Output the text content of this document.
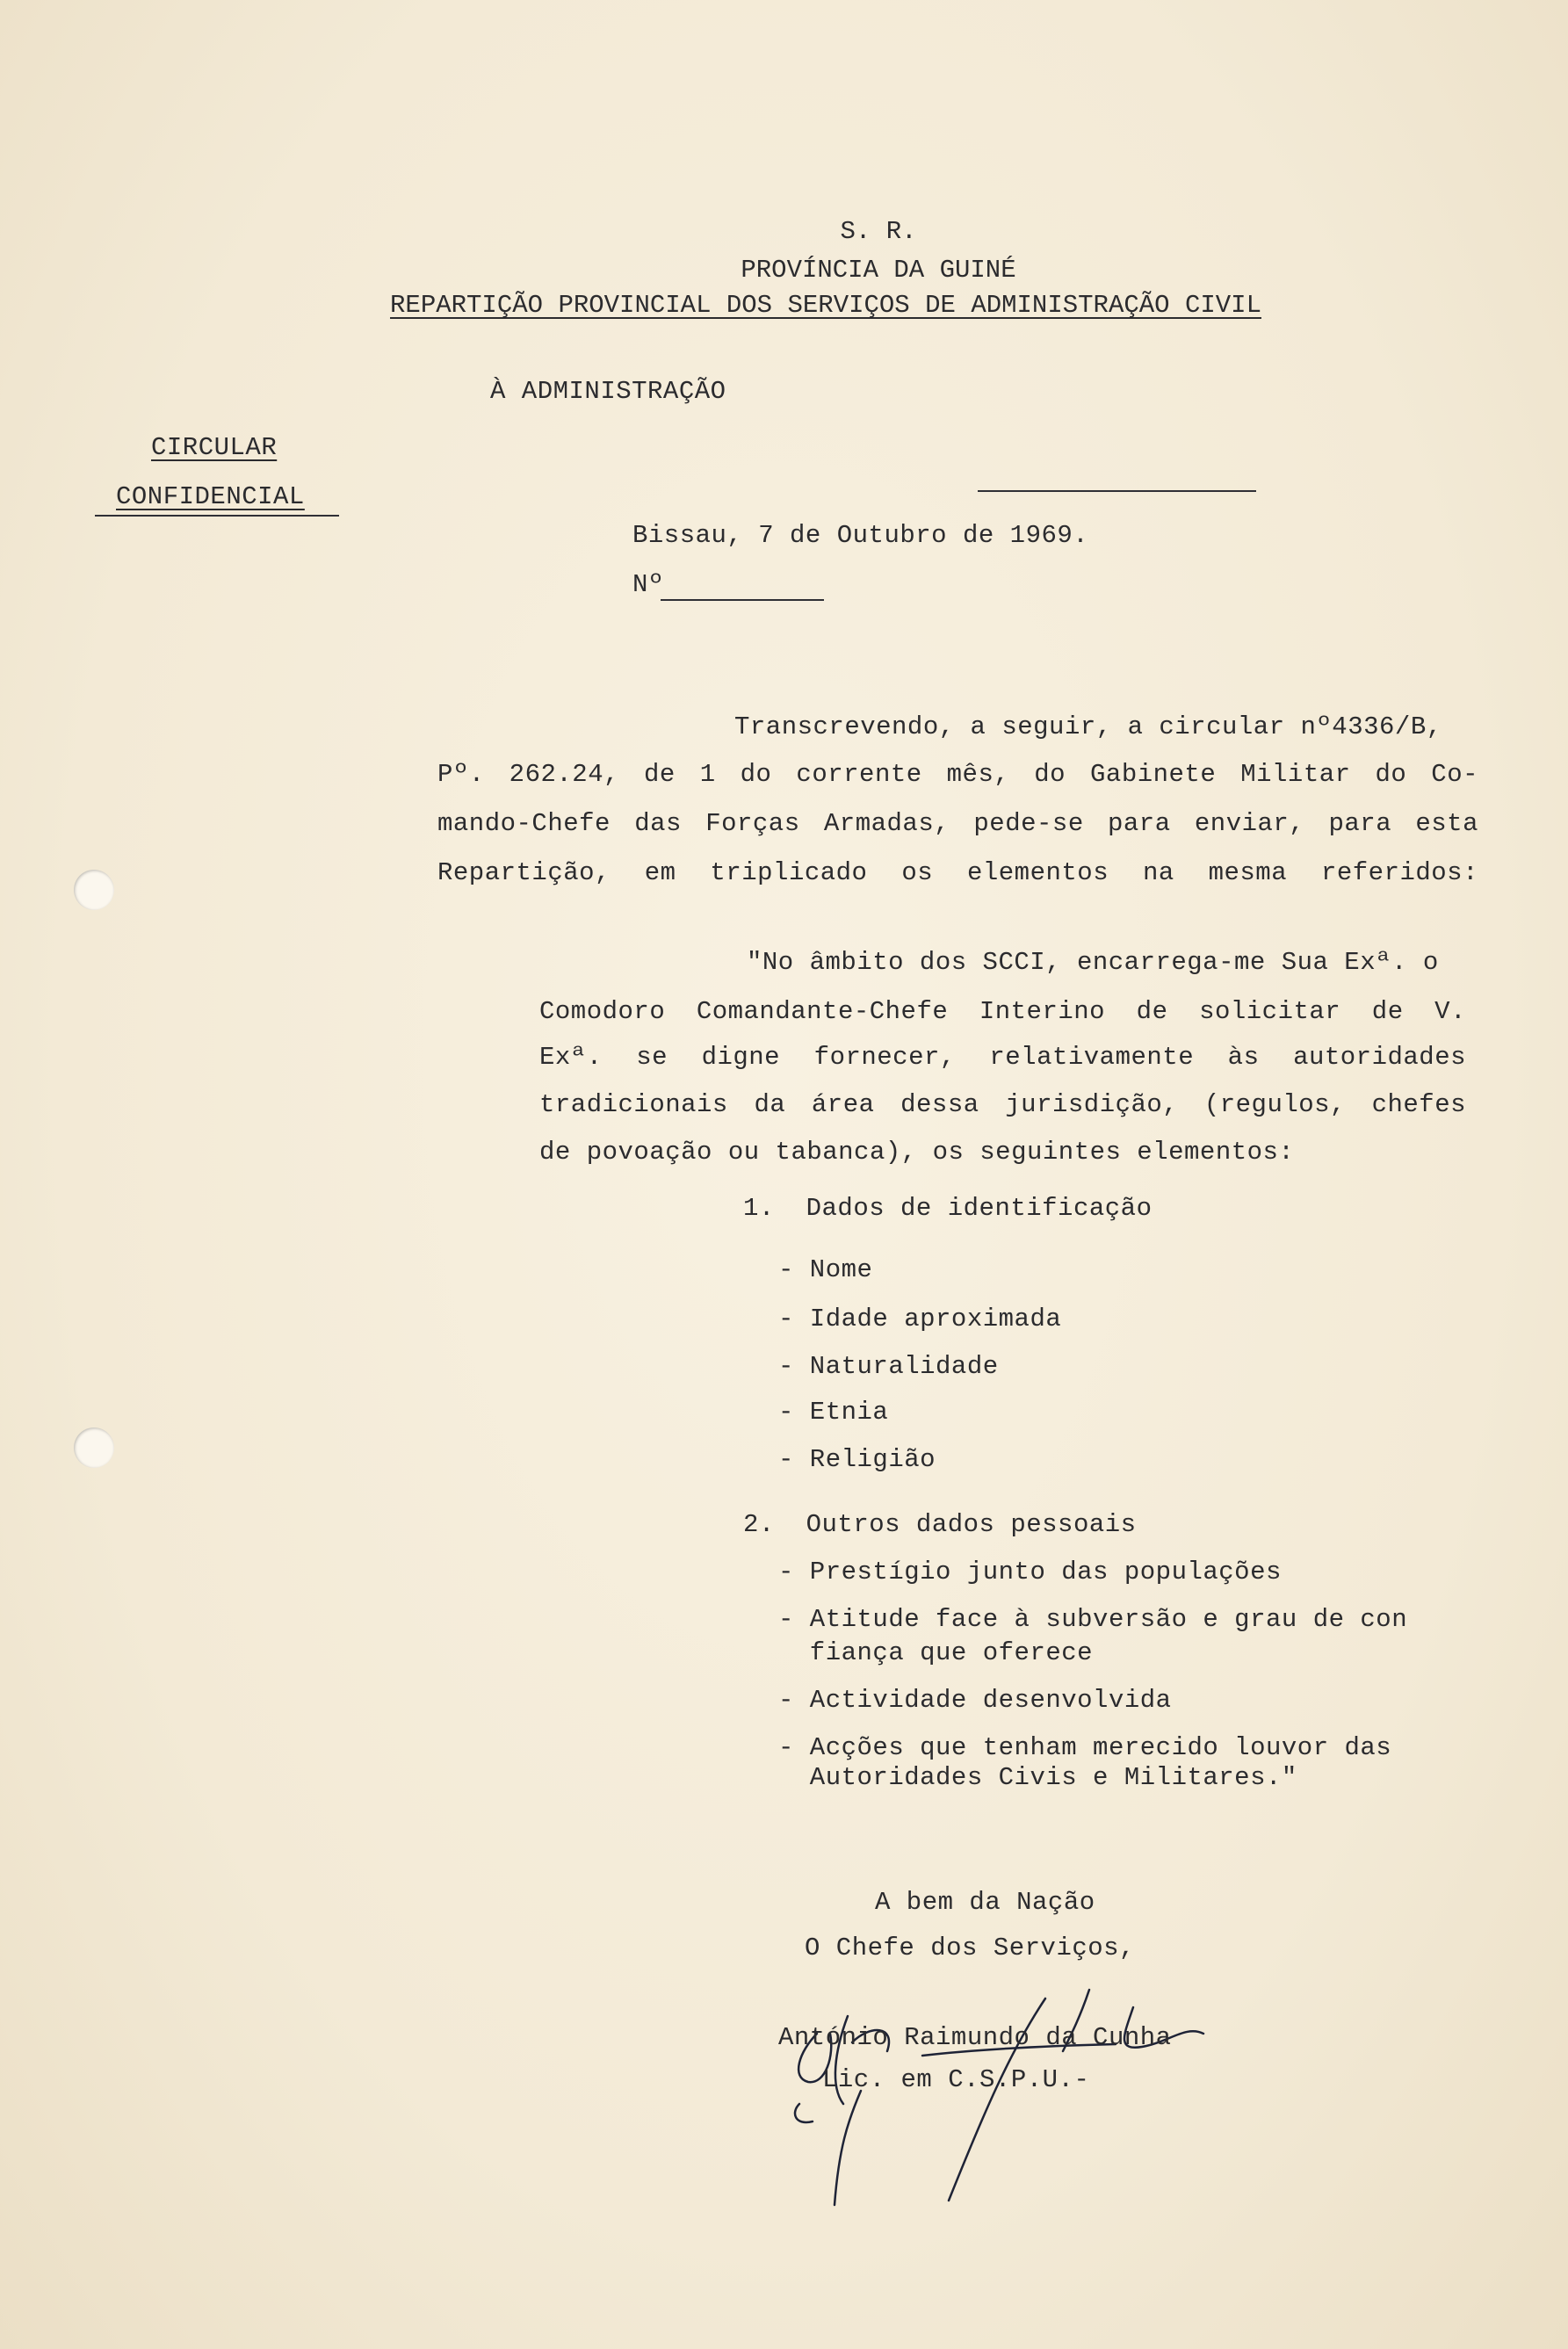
S. R.
PROVÍNCIA DA GUINÉ
REPARTIÇÃO PROVINCIAL DOS SERVIÇOS DE ADMINISTRAÇÃO CIVIL
À ADMINISTRAÇÃO
CIRCULAR
CONFIDENCIAL
Bissau, 7 de Outubro de 1969.
Nº
Transcrevendo, a seguir, a circular nº4336/B,
Pº. 262.24, de 1 do corrente mês, do Gabinete Militar do Co-
mando-Chefe das Forças Armadas, pede-se para enviar, para esta
Repartição, em triplicado os elementos na mesma referidos:
"No âmbito dos SCCI, encarrega-me Sua Exª. o
Comodoro Comandante-Chefe Interino de solicitar de V.
Exª. se digne fornecer, relativamente às autoridades
tradicionais da área dessa jurisdição, (regulos, chefes
de povoação ou tabanca), os seguintes elementos:
1.  Dados de identificação
- Nome
- Idade aproximada
- Naturalidade
- Etnia
- Religião
2.  Outros dados pessoais
- Prestígio junto das populações
- Atitude face à subversão e grau de con
fiança que oferece
- Actividade desenvolvida
- Acções que tenham merecido louvor das
Autoridades Civis e Militares."
A bem da Nação
O Chefe dos Serviços,
António Raimundo da Cunha
Lic. em C.S.P.U.-
